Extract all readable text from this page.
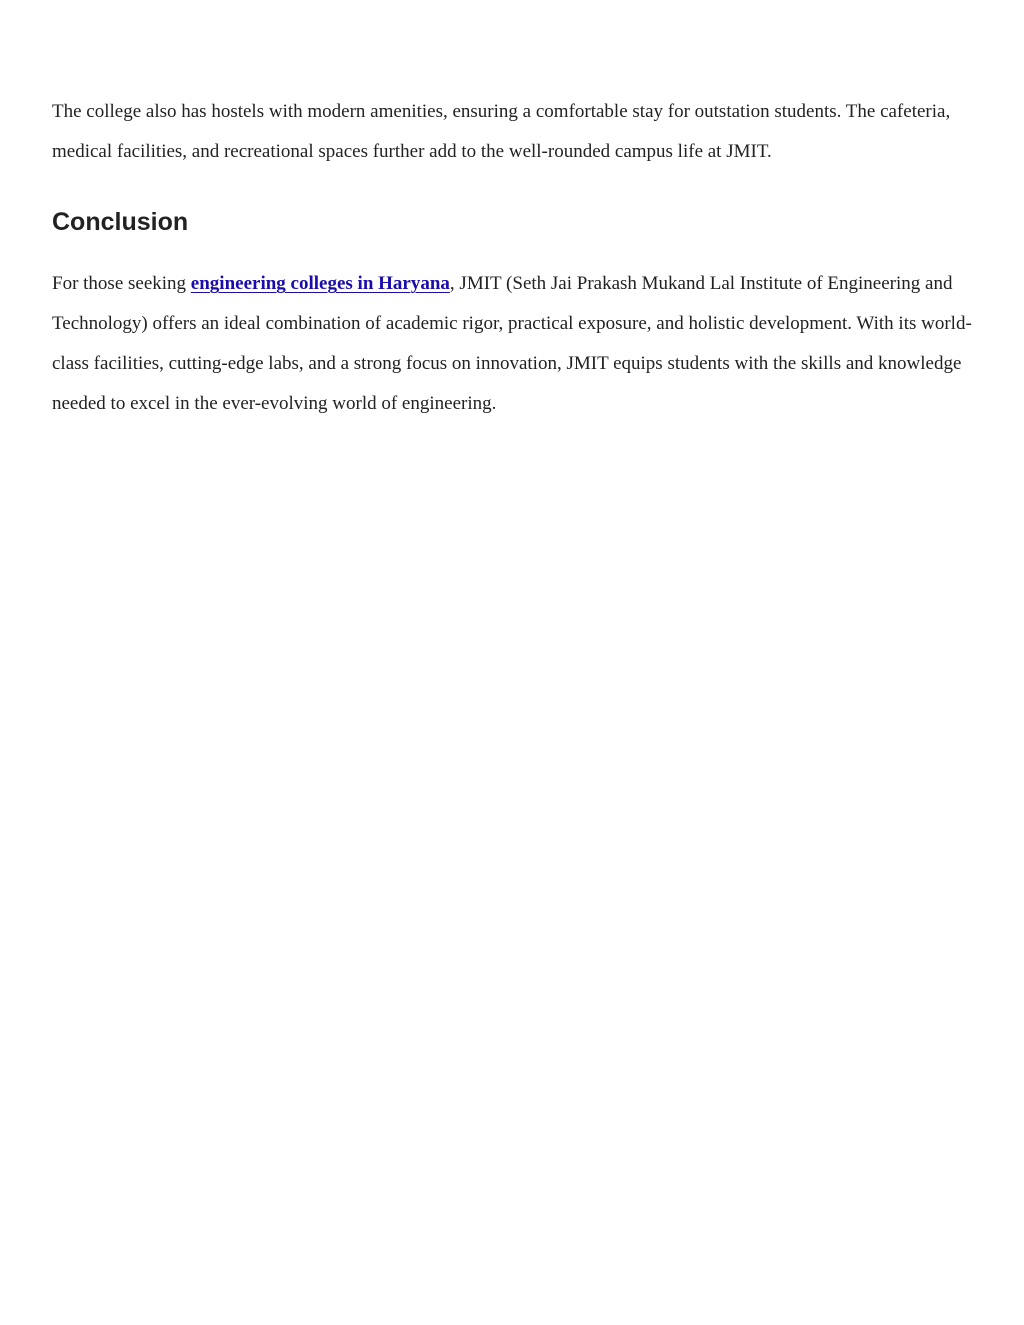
The college also has hostels with modern amenities, ensuring a comfortable stay for outstation students. The cafeteria, medical facilities, and recreational spaces further add to the well-rounded campus life at JMIT.

Conclusion

For those seeking engineering colleges in Haryana, JMIT (Seth Jai Prakash Mukand Lal Institute of Engineering and Technology) offers an ideal combination of academic rigor, practical exposure, and holistic development. With its world-class facilities, cutting-edge labs, and a strong focus on innovation, JMIT equips students with the skills and knowledge needed to excel in the ever-evolving world of engineering.
